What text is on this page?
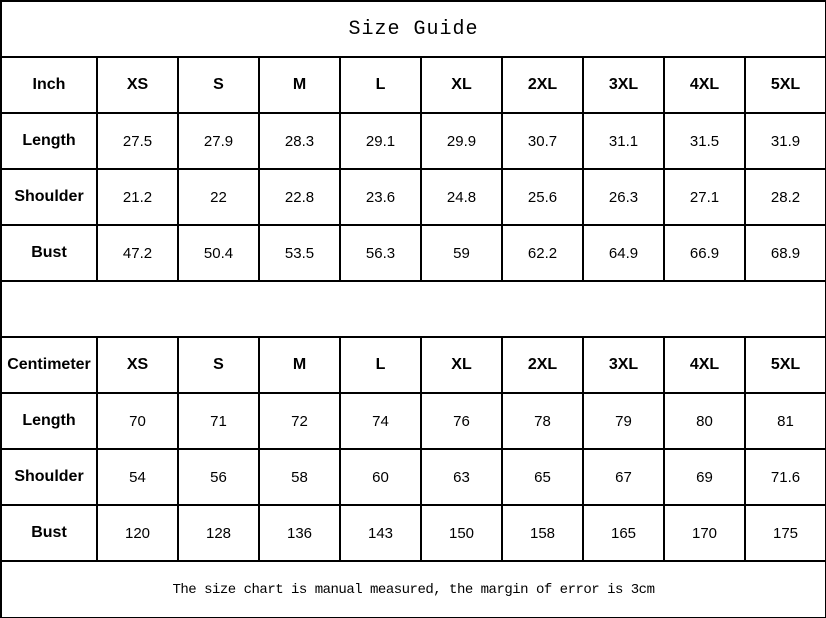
Size Guide									
Inch	XS	S	M	L	XL	2XL	3XL	4XL	5XL
Length	27.5	27.9	28.3	29.1	29.9	30.7	31.1	31.5	31.9
Shoulder	21.2	22	22.8	23.6	24.8	25.6	26.3	27.1	28.2
Bust	47.2	50.4	53.5	56.3	59	62.2	64.9	66.9	68.9

Centimeter	XS	S	M	L	XL	2XL	3XL	4XL	5XL
Length	70	71	72	74	76	78	79	80	81
Shoulder	54	56	58	60	63	65	67	69	71.6
Bust	120	128	136	143	150	158	165	170	175
The size chart is manual measured, the margin of error is 3cm									
